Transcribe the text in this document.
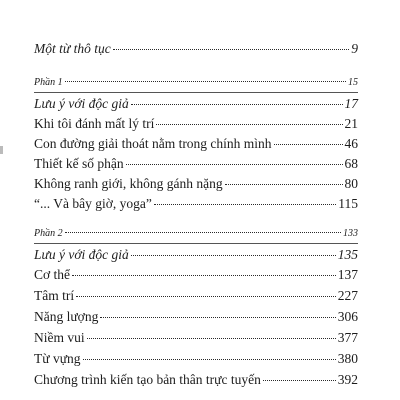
Một từ thô tục	9
Phần 1	15
Lưu ý với độc giả	17
Khi tôi đánh mất lý trí	21
Con đường giải thoát nằm trong chính mình	46
Thiết kế số phận	68
Không ranh giới, không gánh nặng	80
“... Và bây giờ, yoga”	115
Phần 2	133
Lưu ý với độc giả	135
Cơ thể	137
Tâm trí	227
Năng lượng	306
Niềm vui	377
Từ vựng	380
Chương trình kiến tạo bản thân trực tuyến	392
